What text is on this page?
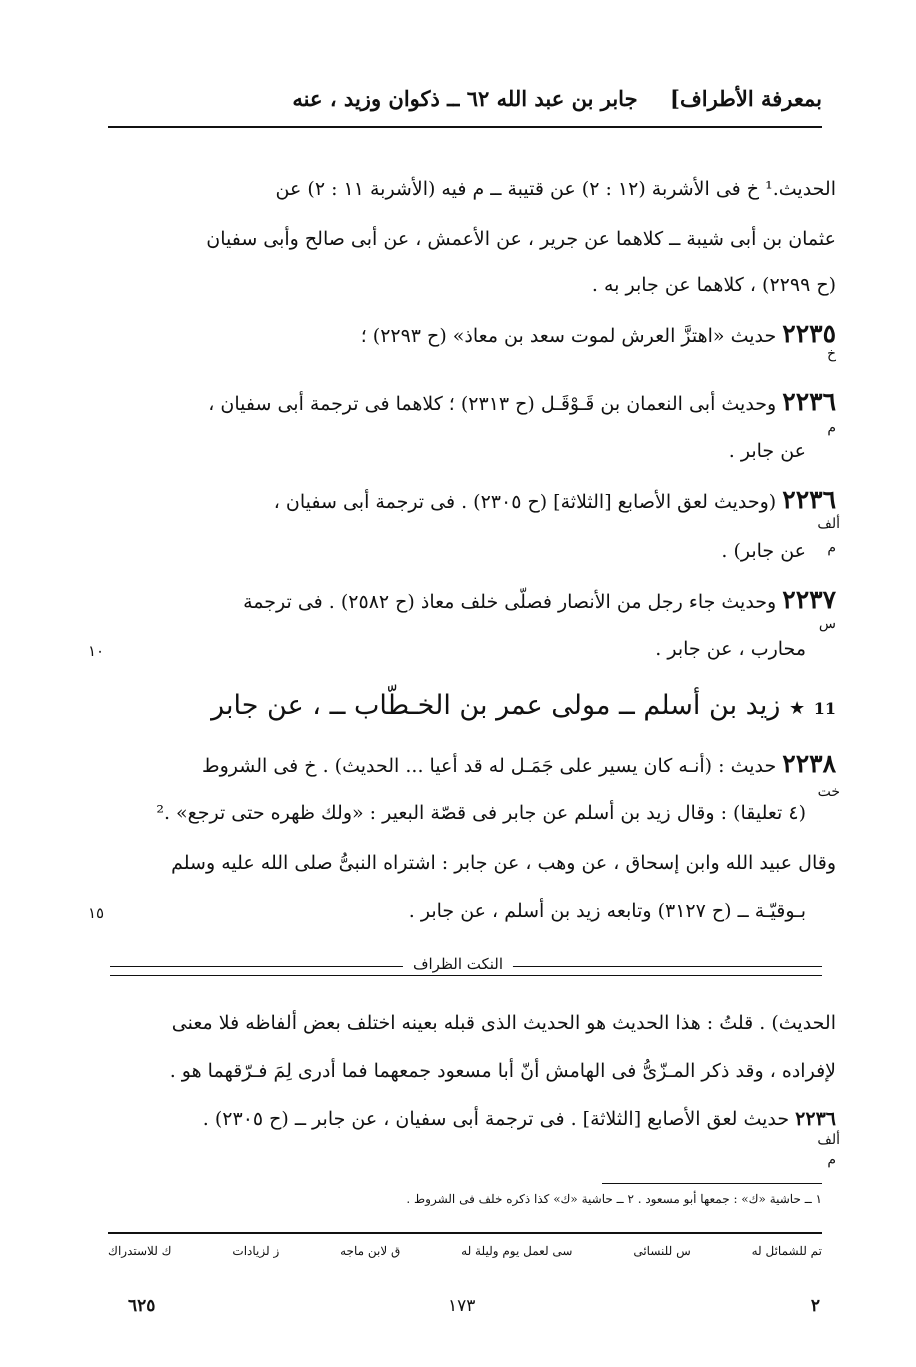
بمعرفة الأطراف]
جابر بن عبد الله ٦٢ ــ ذكوان وزيد ، عنه
الحديث.¹ خ فى الأشربة (١٢ : ٢) عن قتيبة ــ م فيه (الأشربة ١١ : ٢) عن
عثمان بن أبى شيبة ــ كلاهما عن جرير ، عن الأعمش ، عن أبى صالح وأبى سفيان
(ح ٢٢٩٩) ، كلاهما عن جابر به .
٢٢٣٥ حديث «اهتزَّ العرش لموت سعد بن معاذ» (ح ٢٢٩٣) ؛
خ
٢٢٣٦ وحديث أبى النعمان بن قَـوْقَـل (ح ٢٣١٣) ؛ كلاهما فى ترجمة أبى سفيان ،
م
عن جابر .
٢٢٣٦ (وحديث لعق الأصابع [الثلاثة] (ح ٢٣٠٥) . فى ترجمة أبى سفيان ،
ألف
م
عن جابر) .
٢٢٣٧ وحديث جاء رجل من الأنصار فصلّى خلف معاذ (ح ٢٥٨٢) . فى ترجمة
س
محارب ، عن جابر .
١٠
11 ★ زيد بن أسلم ــ مولى عمر بن الخـطّاب ــ ، عن جابر
٢٢٣٨ حديث : (أنـه كان يسير على جَمَـل له قد أعيا ... الحديث) . خ فى الشروط
خت
(٤ تعليقا) : وقال زيد بن أسلم عن جابر فى قصّة البعير : «ولك ظهره حتى ترجع» .²
وقال عبيد الله وابن إسحاق ، عن وهب ، عن جابر : اشتراه النبىُّ صلى الله عليه وسلم
بـوقيّـة ــ (ح ٣١٢٧) وتابعه زيد بن أسلم ، عن جابر .
١٥
النكت الظراف
الحديث) . قلتُ : هذا الحديث هو الحديث الذى قبله بعينه اختلف بعض ألفاظه فلا معنى
لإفراده ، وقد ذكر المـزّىُّ فى الهامش أنّ أبا مسعود جمعهما فما أدرى لِمَ فـرّقهما هو .
٢٢٣٦ حديث لعق الأصابع [الثلاثة] . فى ترجمة أبى سفيان ، عن جابر ــ (ح ٢٣٠٥) .
ألف
م
١ ــ حاشية «ك» : جمعها أبو مسعود . ٢ ــ حاشية «ك» كذا ذكره خلف فى الشروط .
تم للشمائل له
س للنسائى
سى لعمل يوم وليلة له
ق لابن ماجه
ز لزيادات
ك للاستدراك
٦٢٥	١٧٣	٢
